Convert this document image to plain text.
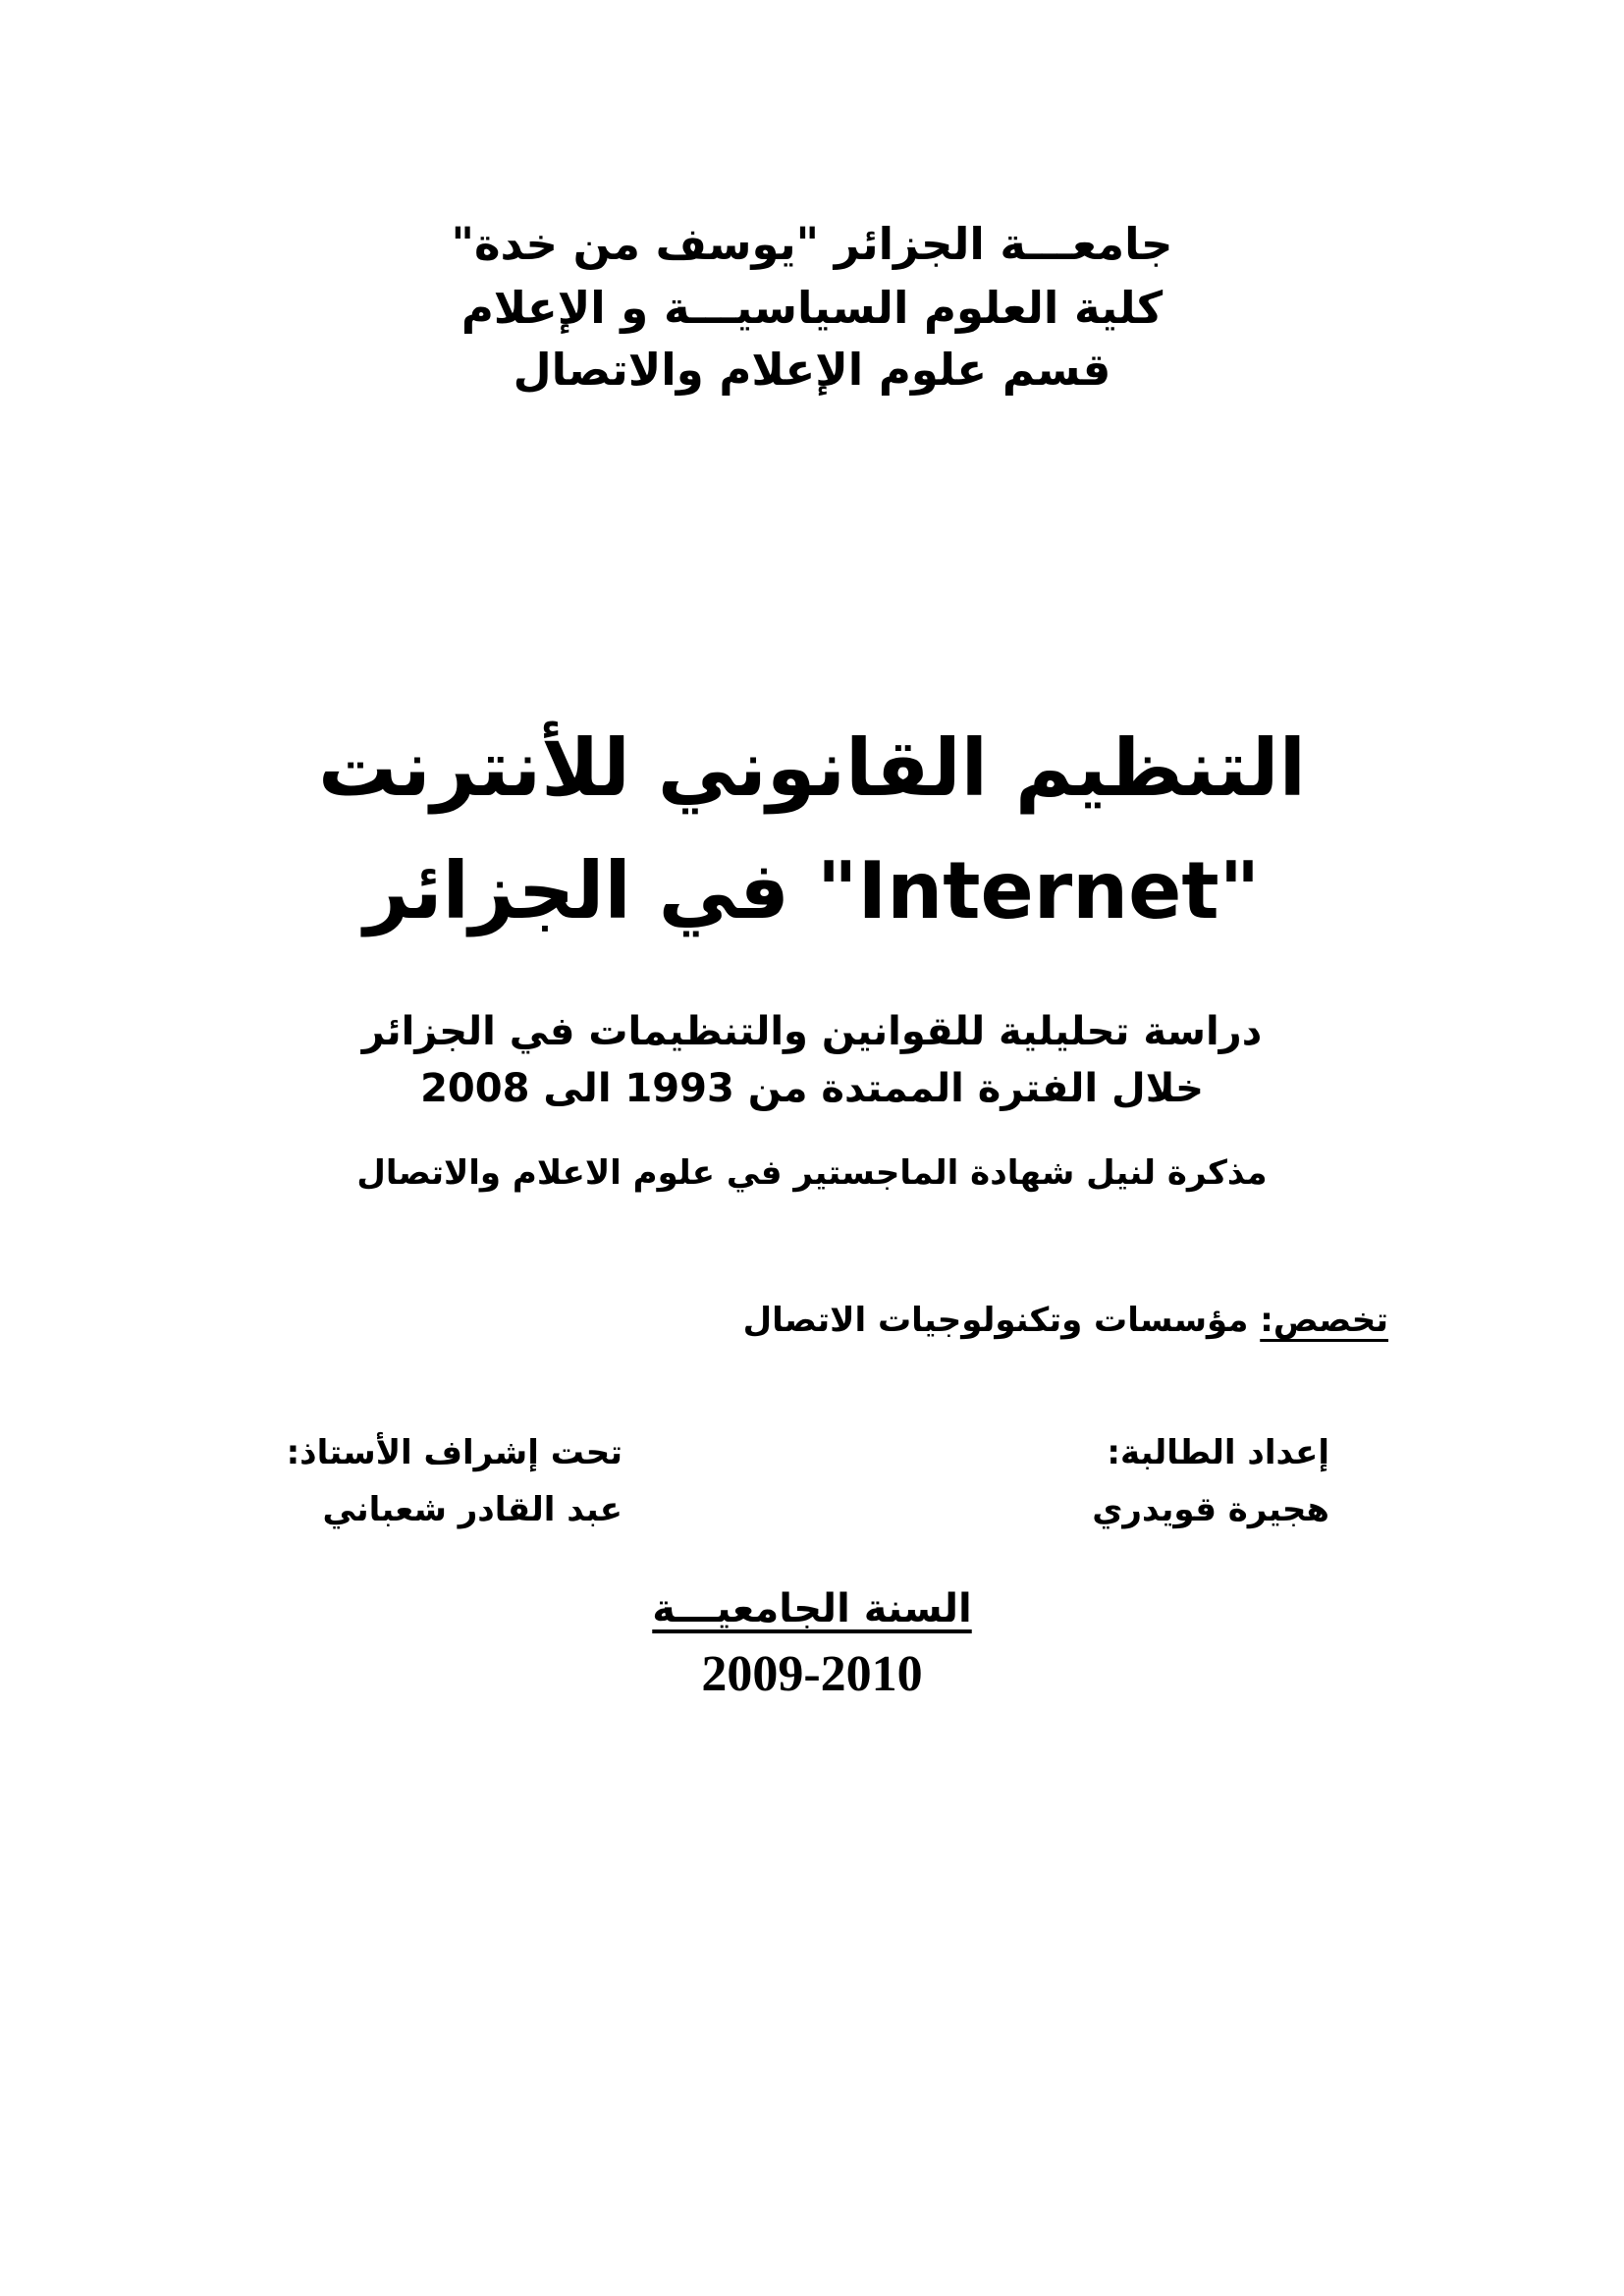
جامعـــة الجزائر "يوسف من خدة"
كلية العلوم السياسيـــة و الإعلام
قسم علوم الإعلام والاتصال
التنظيم القانوني للأنترنت
"Internet" في الجزائر
دراسة تحليلية للقوانين والتنظيمات في الجزائر
خلال الفترة الممتدة من 1993 الى 2008
مذكرة لنيل شهادة الماجستير في علوم الاعلام والاتصال
تخصص: مؤسسات وتكنولوجيات الاتصال
إعداد الطالبة:
هجيرة قويدري
تحت إشراف الأستاذ:
عبد القادر شعباني
السنة الجامعيـــة
2009-2010
